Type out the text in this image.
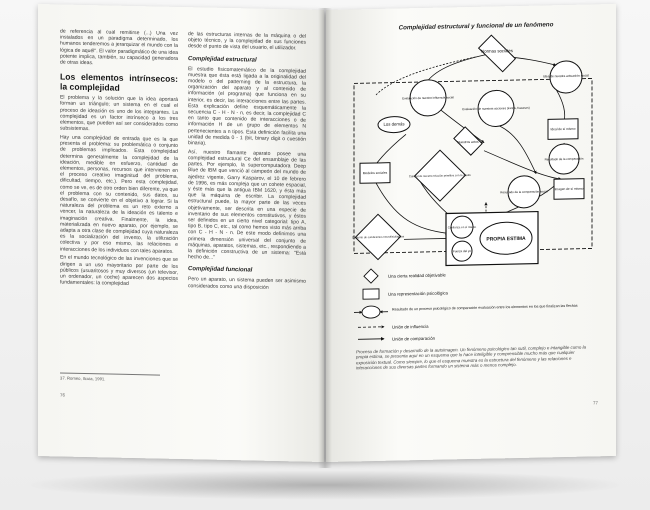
de referencia al cual remitirse (...) Una vez instalados en un paradigma determinado, los humanos tenderemos a jerarquizar el mundo con la lógica de aquél". El valor paradigmático de una idea potente implica, también, su capacidad generadora de otras ideas.

Los elementos intrínsecos: la complejidad

El problema y la solución que la idea aportará forman un triángulo; un sistema en el cual el proceso de ideación es uno de los integrantes. La complejidad es un factor intrínseco a los tres elementos, que pueden así ser considerados como subsistemas.

Hay una complejidad de entrada que es la que presenta el problema: su problemática o conjunto de problemas implicados. Esta complejidad determina generalmente la complejidad de la ideación, medible en esfuerzo, cantidad de elementos, personas, recursos que intervienen en el proceso creativo imaginitud del problema, dificultad, tiempo, etc.). Pero esta complejidad, como se ve, es de otro orden bien diferente, ya que el problema con su contenido, sus datos, su desafío, se convierte en el objetivo a lograr. Si la naturaleza del problema es un reto externo a vencer, la naturaleza de la ideación es talento e imaginación creativa. Finalmente, la idea, materializada en nuevo aparato, por ejemplo, se adapta a otra clase de complejidad cuya naturaleza es la socialización del invento, la utilización colectiva y por eso mismo, las relaciones e interacciones de los individuos con tales aparatos.

En el mundo tecnológico de las invenciones que se dirigen a un uso mayoritario por parte de los públicos (usuaritosos y muy diversos (un televisor, un ordenador, un coche) aparecen dos aspectos fundamentales: la complejidad

de las estructuras internas de la máquina o del objeto técnico, y la complejidad de sus funciones desde el punto de vista del usuario, el utilizador.

Complejidad estructural

El estudio fisicomatemático de la complejidad muestra que ésta está ligada a la originalidad del modelo o del patterning de la estructura, la organización del aparato y al contenido de información (el programa) que funciona en su interior, es decir, las interacciones entre las partes. Esta explicación define esquemáticamente la secuencia C - H - N - n, es decir, la complejidad C en tanto que contenido de interacciones o de información H de un grupo de elementos N pertenecientes a n tipos. Esta definición facilita una unidad de medida 0 - 1 (bit, binary digit o cuestión binaria).

Así, nuestro flamante aparato posee una complejidad estructural Ce del ensamblaje de las partes. Por ejemplo, la supercomputadora Deep Blue de IBM que venció al campeón del mundo de ajedrez vigente, Garry Kasparov, el 10 de febrero de 1996, es más compleja que un cohete espacial, y éste más que la antigua IBM 1620, y ésta más que la máquina de escribir. La complejidad estructural puede, la mayor parte de las veces objetivamente, ser descrita en una especie de inventario de sus elementos constitutivos, y éstos ser definidos en un cierto nivel categorial: tipo A, tipo B, tipo C, etc., tal como hemos visto más arriba con C - H - N - n. De este modo definimos una primera dimensión universal del conjunto de máquinas, aparatos, sistemas, etc., respondiendo a la definición constructiva de un sistema: "Está hecho de..."

Complejidad funcional

Pero un aparato, un sistema pueden ser asimismo considerados como una disposición

37. Romeo, Ilcuia, 1991.
76
Complejidad estructural y funcional de un fenómeno
Normas sociales
Idea de nuestra actuación social
Evaluación de nuestra influencia social
Evaluación de nuestras acciones (éxitos, fracasos)
Los demás
Nuestros actos
Ideal de sí mismo
Resultado de la comparación
Modelos sociales	Calidad de nuestra relación primitiva con la madre
Resultado de la comparación social
Imagen de sí mismo
Conjunto de condiciones neurofisiológicas
Confianza en sí mismo
Fuerza del yo
PROPIA ESTIMA
Una cierta realidad objetivable
Una representación psicológica
Resultado de un proceso psicológico de comparación evaluación entre los elementos en los que finalizan las flechas
Unión de influencia
Unión de comparación
Proceso de formación y desarrollo de la autoimagen. Un fenómeno psicológico tan sutil, complejo e intangible como la propia estima, se presenta aquí en un esquema que lo hace inteligible y comprensible mucho más que cualquier exposición textual. Como siempre, lo que el esquema muestra es la estructura del fenómeno y las relaciones e interacciones de sus diversas partes formando un sistema más o menos complejo.
77
